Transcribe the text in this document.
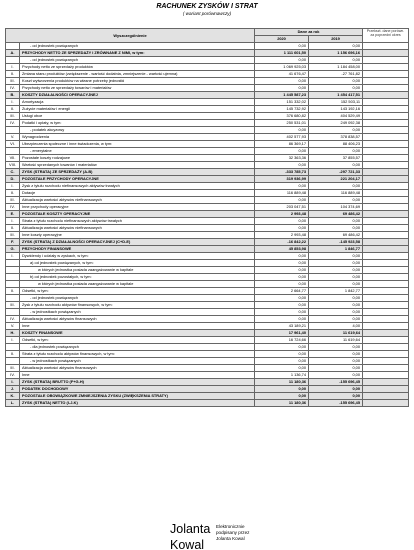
RACHUNEK ZYSKÓW I STRAT
( wariant porównawczy)
Wyszczególnienie		Dane za rok		Przekszt. dane porówn. za poprzedni okres
		2020	2019	
	- od jednostek powiązanych	0,00	0,00	
A.	PRZYCHODY NETTO ZE SPRZEDAŻY I ZRÓWNANE Z NIMI, w tym:	1 111 601,50	1 156 696,16	
	- od jednostek powiązanych	0,00	0,00	
I.	Przychody netto ze sprzedaży produktów	1 069 925,03	1 184 458,00	
II.	Zmiana stanu produktów (zwiększenie - wartość dodatnia, zmniejszenie - wartość ujemna)	41 676,47	-27 761,82	
III.	Koszt wytworzenia produktów na własne potrzeby jednostki	0,00	0,00	
IV.	Przychody netto ze sprzedaży towarów i materiałów	0,00	0,00	
B.	KOSZTY DZIAŁALNOŚCI OPERACYJNEJ	1 445 587,23	1 454 417,51	
I.	Amortyzacja	151 332,02	152 503,11	
II.	Zużycie materiałów i energii	145 732,92	143 192,16	
III.	Usługi obce	376 680,82	404 529,49	
IV.	Podatki i opłaty, w tym:	250 531,01	249 092,38	
	- podatek akcyzowy	0,00	0,00	
V.	Wynagrodzenia	402 577,93	378 838,57	
VI.	Ubezpieczenia społeczne i inne świadczenia, w tym:	86 369,17	88 406,23	
	- emerytalne	0,00	0,00	
VII.	Pozostałe koszty rodzajowe	32 363,36	37 855,57	
VIII.	Wartość sprzedanych towarów i materiałów	0,00	0,00	
C.	ZYSK (STRATA) ZE SPRZEDAŻY (A-B)	-333 785,73	-297 721,33	
D.	POZOSTAŁE PRZYCHODY OPERACYJNE	319 936,99	221 204,17	
I.	Zysk z tytułu rozchodu niefinansowych aktywów trwałych	0,00	0,00	
II.	Dotacje	116 889,48	116 889,48	
III.	Aktualizacja wartości aktywów niefinansowych	0,00	0,00	
IV.	Inne przychody operacyjne	203 047,51	104 374,69	
E.	POZOSTAŁE KOSZTY OPERACYJNE	2 993,48	69 486,42	
I.	Strata z tytułu rozchodu niefinansowych aktywów trwałych	0,00	0,00	
II.	Aktualizacja wartości aktywów niefinansowych	0,00	0,00	
III.	Inne koszty operacyjne	2 993,48	69 486,42	
F.	ZYSK (STRATA) Z DZIAŁALNOŚCI OPERACYJNEJ (C+D-E)	-16 842,22	-145 923,58	
G.	PRZYCHODY FINANSOWE	45 853,98	1 846,77	
I.	Dywidendy i udziały w zyskach, w tym:	0,00	0,00	
	a) od jednostek powiązanych, w tym:	0,00	0,00	
	w których jednostka posiada zaangażowanie w kapitale	0,00	0,00	
	b) od jednostek pozostałych, w tym:	0,00	0,00	
	w których jednostka posiada zaangażowanie w kapitale	0,00	0,00	
II.	Odsetki, w tym:	2 664,77	1 842,77	
	- od jednostek powiązanych	0,00	0,00	
III.	Zysk z tytułu rozchodu aktywów finansowych, w tym:	0,00	0,00	
	- w jednostkach powiązanych	0,00	0,00	
IV.	Aktualizacja wartości aktywów finansowych	0,00	0,00	
V.	Inne	43 189,21	4,00	
H.	KOSZTY FINANSOWE	17 961,40	11 619,64	
I.	Odsetki, w tym:	16 724,66	11 619,64	
	- dla jednostek powiązanych	0,00	0,00	
II.	Strata z tytułu rozchodu aktywów finansowych, w tym:	0,00	0,00	
	- w jednostkach powiązanych	0,00	0,00	
III.	Aktualizacja wartości aktywów finansowych	0,00	0,00	
IV.	Inne	1 136,74	0,00	
I.	ZYSK (STRATA) BRUTTO (F+G-H)	11 180,36	-155 696,45	
J.	PODATEK DOCHODOWY	0,00	0,00	
K.	POZOSTAŁE OBOWIĄZKOWE ZMNIEJSZENIA ZYSKU (ZWIĘKSZENIA STRATY)	0,00	0,00	
L.	ZYSK (STRATA) NETTO (I-J-K)	11 180,36	-155 696,45	
Jolanta
Kowal
Elektronicznie
podpisany przez
Jolanta Kowal
